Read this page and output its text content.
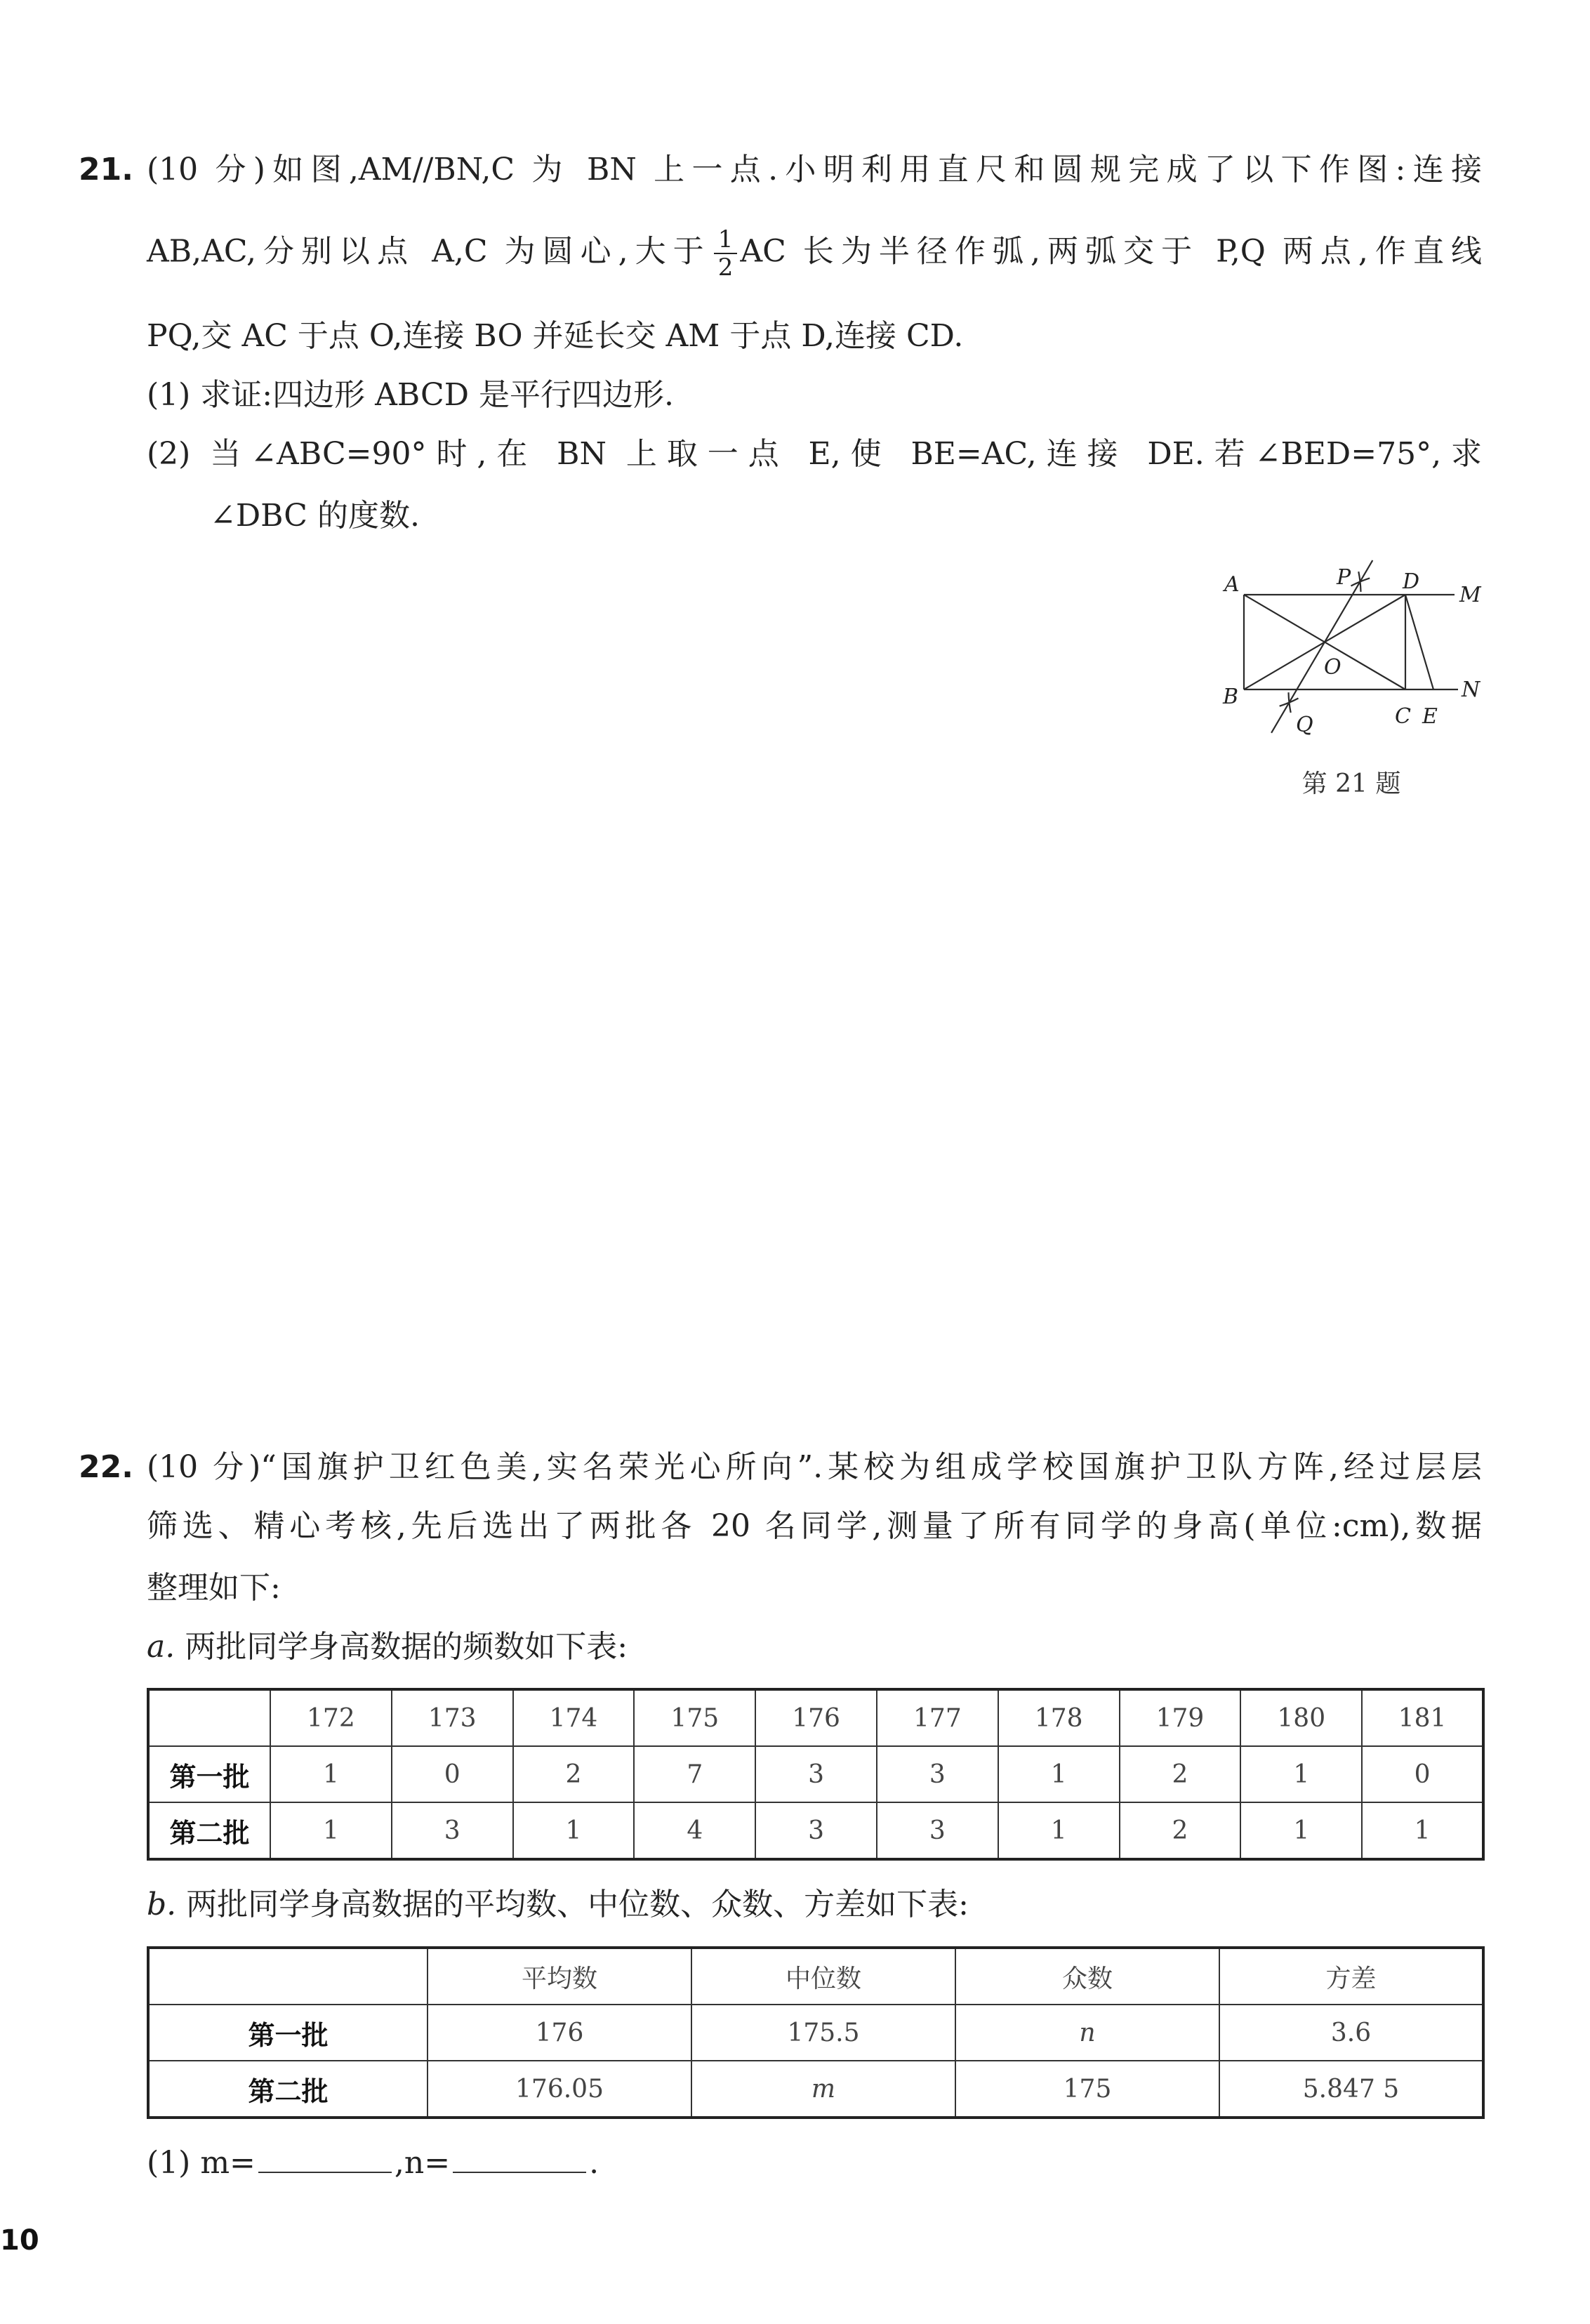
21. (10 分)如图,AM//BN,C 为 BN 上一点.小明利用直尺和圆规完成了以下作图:连接
AB,AC,分别以点 A,C 为圆心,大于 $\frac{1}{2}$ AC 长为半径作弧,两弧交于 P,Q 两点,作直线
PQ,交 AC 于点 O,连接 BO 并延长交 AM 于点 D,连接 CD.
(1) 求证:四边形 ABCD 是平行四边形.
(2) 当∠ABC=90°时,在 BN 上取一点 E,使 BE=AC,连接 DE.若∠BED=75°,求
∠DBC 的度数.
A	P D
M
O
B
Q	C E
N
第 21 题
22. (10 分)“国旗护卫红色美,实名荣光心所向”.某校为组成学校国旗护卫队方阵,经过层层
筛选、精心考核,先后选出了两批各 20 名同学,测量了所有同学的身高(单位:cm),数据
整理如下:
a. 两批同学身高数据的频数如下表:
	172	173	174	175	176	177	178	179	180	181
第一批	1	0	2	7	3	3	1	2	1	0
第二批	1	3	1	4	3	3	1	2	1	1
b. 两批同学身高数据的平均数、中位数、众数、方差如下表:
	平均数	中位数	众数	方差
第一批	176	175.5	n	3.6
第二批	176.05	m	175	5.847 5
(1) m=	,n=	.
10
